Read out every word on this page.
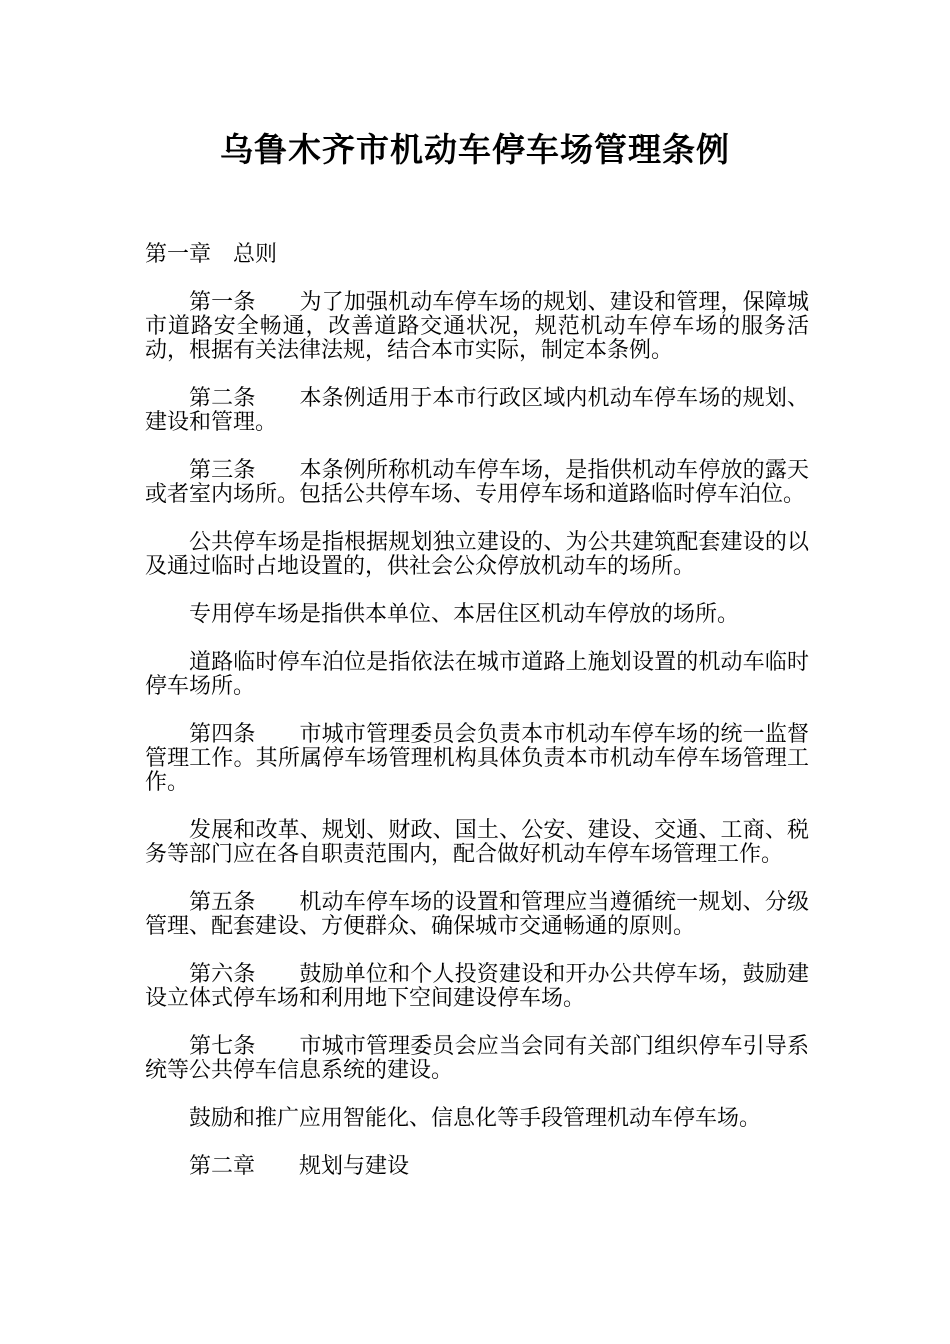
乌鲁木齐市机动车停车场管理条例

第一章 总则

第一条 为了加强机动车停车场的规划、建设和管理，保障城市道路安全畅通，改善道路交通状况，规范机动车停车场的服务活动，根据有关法律法规，结合本市实际，制定本条例。

第二条 本条例适用于本市行政区域内机动车停车场的规划、建设和管理。

第三条 本条例所称机动车停车场，是指供机动车停放的露天或者室内场所。包括公共停车场、专用停车场和道路临时停车泊位。

公共停车场是指根据规划独立建设的、为公共建筑配套建设的以及通过临时占地设置的，供社会公众停放机动车的场所。

专用停车场是指供本单位、本居住区机动车停放的场所。

道路临时停车泊位是指依法在城市道路上施划设置的机动车临时停车场所。

第四条 市城市管理委员会负责本市机动车停车场的统一监督管理工作。其所属停车场管理机构具体负责本市机动车停车场管理工作。

发展和改革、规划、财政、国土、公安、建设、交通、工商、税务等部门应在各自职责范围内，配合做好机动车停车场管理工作。

第五条 机动车停车场的设置和管理应当遵循统一规划、分级管理、配套建设、方便群众、确保城市交通畅通的原则。

第六条 鼓励单位和个人投资建设和开办公共停车场，鼓励建设立体式停车场和利用地下空间建设停车场。

第七条 市城市管理委员会应当会同有关部门组织停车引导系统等公共停车信息系统的建设。

鼓励和推广应用智能化、信息化等手段管理机动车停车场。

第二章 规划与建设
